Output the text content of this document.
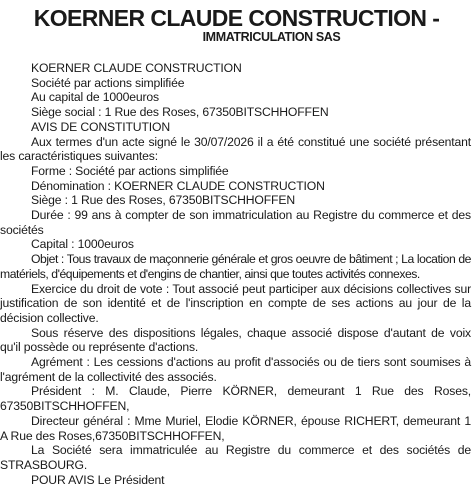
KOERNER CLAUDE CONSTRUCTION -
IMMATRICULATION SAS

KOERNER CLAUDE CONSTRUCTION

Société par actions simplifiée

Au capital de 1000euros

Siège social : 1 Rue des Roses, 67350BITSCHHOFFEN

AVIS DE CONSTITUTION

Aux termes d'un acte signé le 30/07/2026 il a été constitué une société présentant les caractéristiques suivantes:

Forme : Société par actions simplifiée

Dénomination : KOERNER CLAUDE CONSTRUCTION

Siège : 1 Rue des Roses, 67350BITSCHHOFFEN

Durée : 99 ans à compter de son immatriculation au Registre du commerce et des sociétés

Capital : 1000euros

Objet : Tous travaux de maçonnerie générale et gros oeuvre de bâtiment ; La location de matériels, d'équipements et d'engins de chantier, ainsi que toutes activités connexes.

Exercice du droit de vote : Tout associé peut participer aux décisions collectives sur justification de son identité et de l'inscription en compte de ses actions au jour de la décision collective.

Sous réserve des dispositions légales, chaque associé dispose d'autant de voix qu'il possède ou représente d'actions.

Agrément : Les cessions d'actions au profit d'associés ou de tiers sont soumises à l'agrément de la collectivité des associés.

Président : M. Claude, Pierre KÖRNER, demeurant 1 Rue des Roses, 67350BITSCHHOFFEN,

Directeur général : Mme Muriel, Elodie KÖRNER, épouse RICHERT, demeurant 1 A Rue des Roses,67350BITSCHHOFFEN,

La Société sera immatriculée au Registre du commerce et des sociétés de STRASBOURG.

POUR AVIS Le Président
